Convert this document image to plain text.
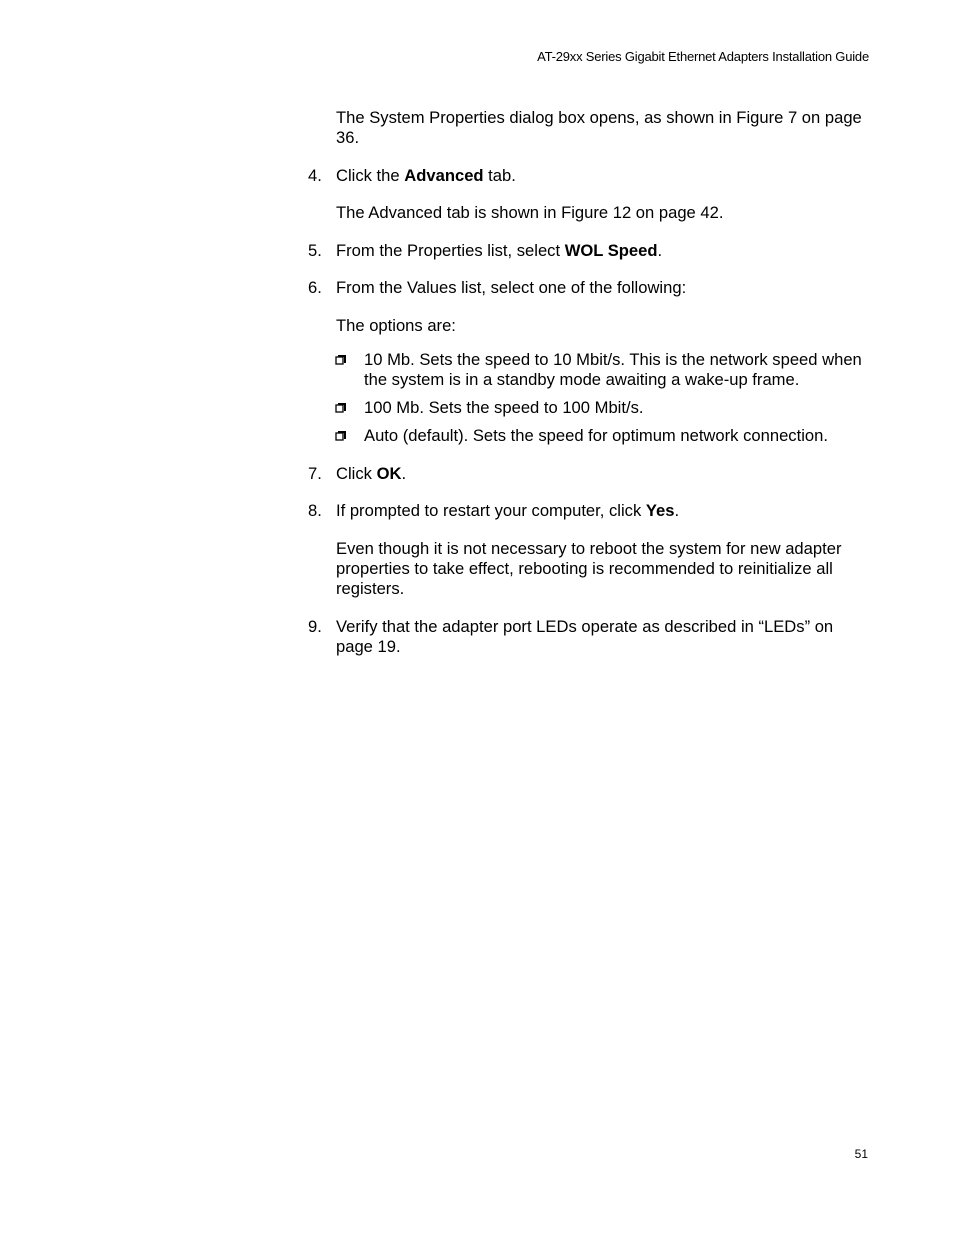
AT-29xx Series Gigabit Ethernet Adapters Installation Guide
The System Properties dialog box opens, as shown in Figure 7 on page 36.
4. Click the Advanced tab.
The Advanced tab is shown in Figure 12 on page 42.
5. From the Properties list, select WOL Speed.
6. From the Values list, select one of the following:
The options are:
10 Mb. Sets the speed to 10 Mbit/s. This is the network speed when the system is in a standby mode awaiting a wake-up frame.
100 Mb. Sets the speed to 100 Mbit/s.
Auto (default). Sets the speed for optimum network connection.
7. Click OK.
8. If prompted to restart your computer, click Yes.
Even though it is not necessary to reboot the system for new adapter properties to take effect, rebooting is recommended to reinitialize all registers.
9. Verify that the adapter port LEDs operate as described in “LEDs” on page 19.
51
